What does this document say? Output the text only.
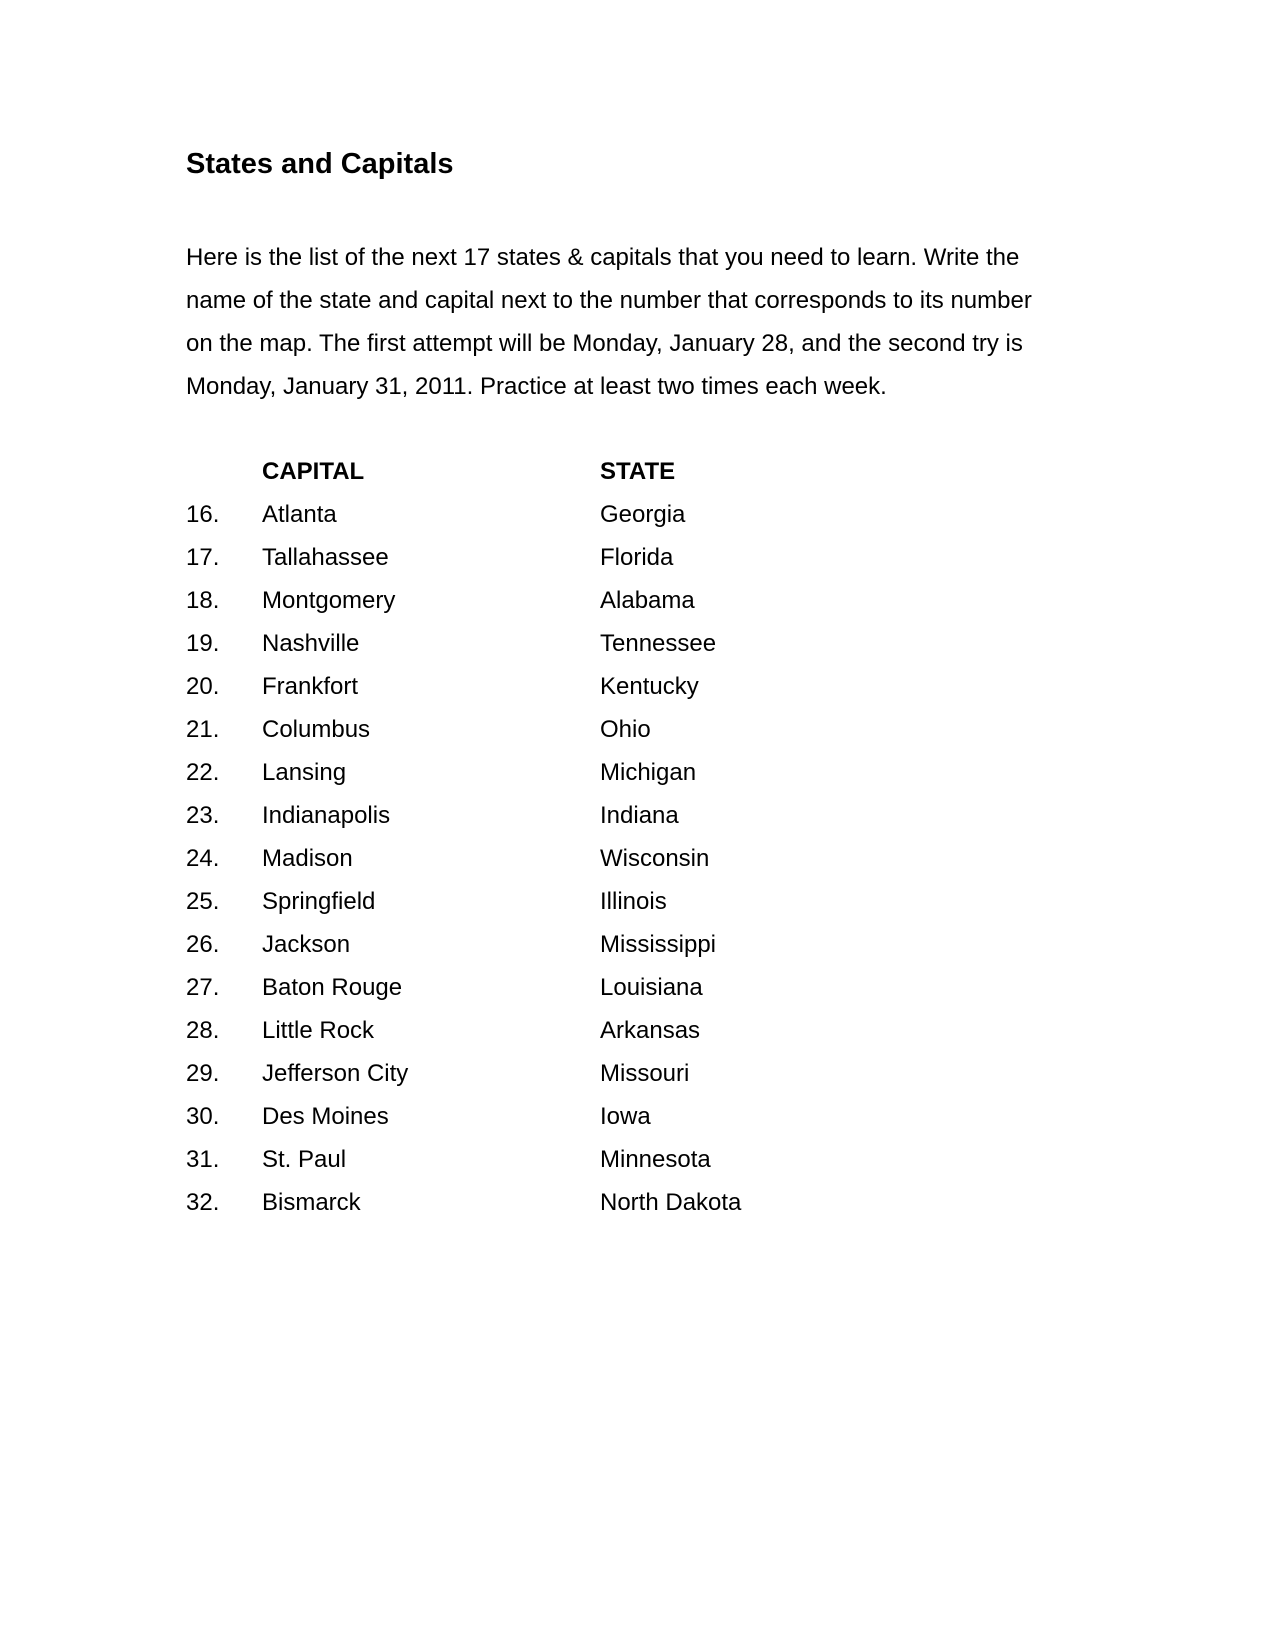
States and Capitals
Here is the list of the next 17 states & capitals that you need to learn. Write the
name of the state and capital next to the number that corresponds to its number
on the map. The first attempt will be Monday, January 28, and the second try is
Monday, January 31, 2011. Practice at least two times each week.
CAPITAL	STATE
16. Atlanta	Georgia
17. Tallahassee	Florida
18. Montgomery	Alabama
19. Nashville	Tennessee
20. Frankfort	Kentucky
21. Columbus	Ohio
22. Lansing	Michigan
23. Indianapolis	Indiana
24. Madison	Wisconsin
25. Springfield	Illinois
26. Jackson	Mississippi
27. Baton Rouge	Louisiana
28. Little Rock	Arkansas
29. Jefferson City	Missouri
30. Des Moines	Iowa
31. St. Paul	Minnesota
32. Bismarck	North Dakota
